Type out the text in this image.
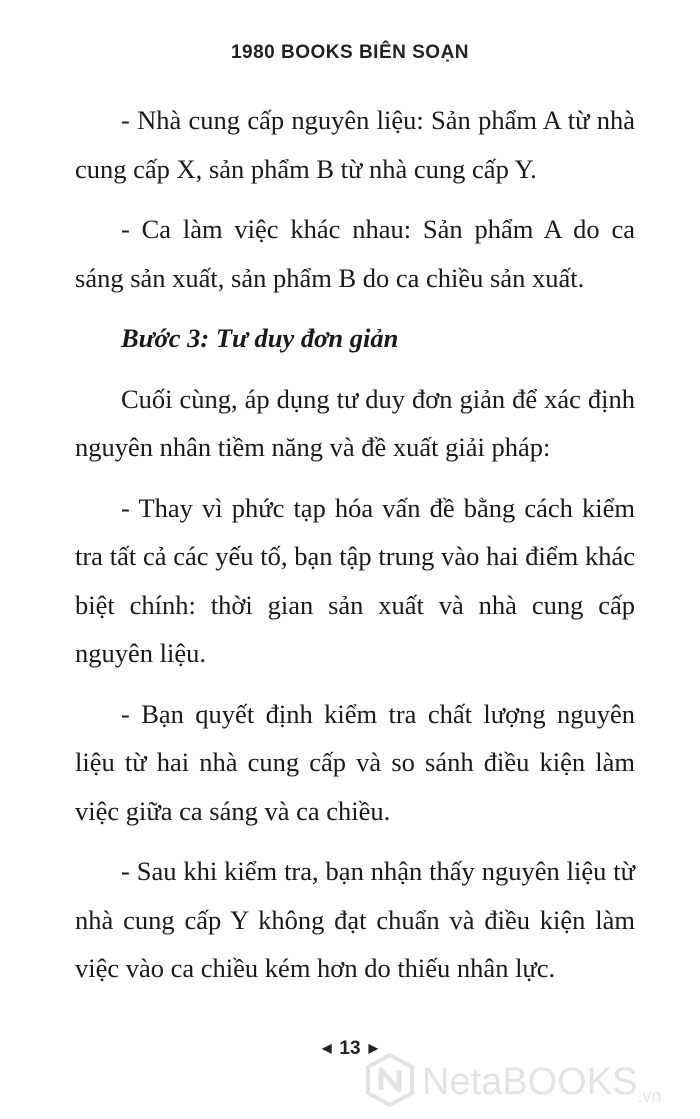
1980 BOOKS BIÊN SOẠN

- Nhà cung cấp nguyên liệu: Sản phẩm A từ nhà cung cấp X, sản phẩm B từ nhà cung cấp Y.

- Ca làm việc khác nhau: Sản phẩm A do ca sáng sản xuất, sản phẩm B do ca chiều sản xuất.

Bước 3: Tư duy đơn giản

Cuối cùng, áp dụng tư duy đơn giản để xác định nguyên nhân tiềm năng và đề xuất giải pháp:

- Thay vì phức tạp hóa vấn đề bằng cách kiểm tra tất cả các yếu tố, bạn tập trung vào hai điểm khác biệt chính: thời gian sản xuất và nhà cung cấp nguyên liệu.

- Bạn quyết định kiểm tra chất lượng nguyên liệu từ hai nhà cung cấp và so sánh điều kiện làm việc giữa ca sáng và ca chiều.

- Sau khi kiểm tra, bạn nhận thấy nguyên liệu từ nhà cung cấp Y không đạt chuẩn và điều kiện làm việc vào ca chiều kém hơn do thiếu nhân lực.

◀ 13 ▶
NetaBOOKS .vn
